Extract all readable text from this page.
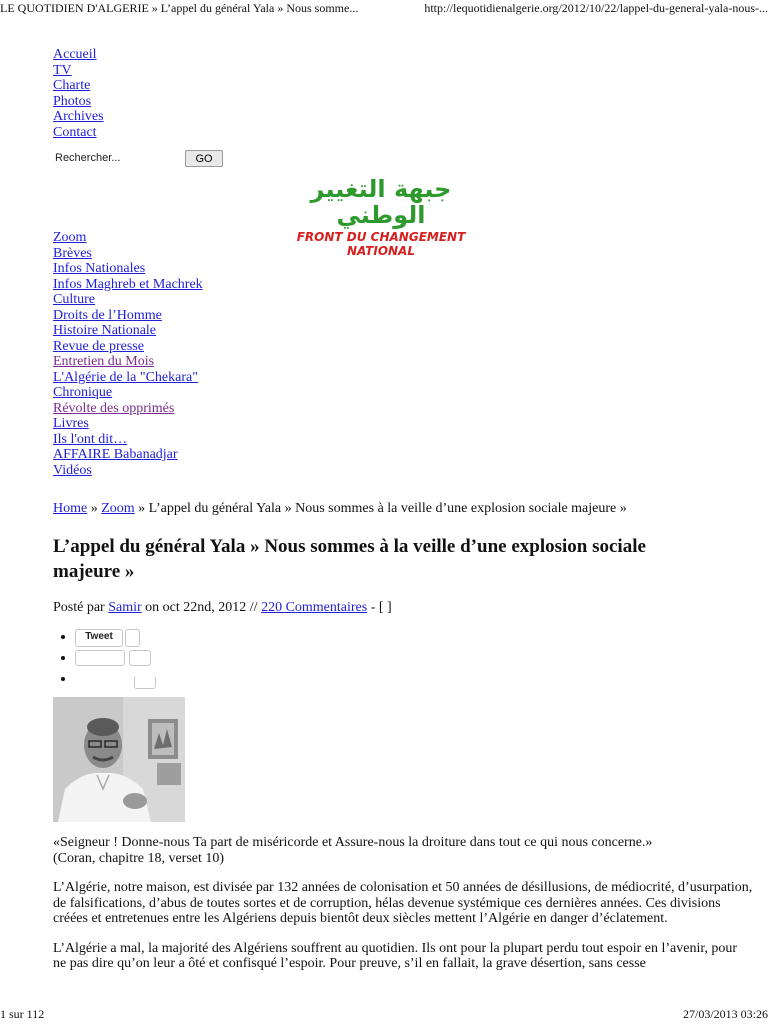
LE QUOTIDIEN D'ALGERIE » L’appel du général Yala » Nous somme...	http://lequotidienalgerie.org/2012/10/22/lappel-du-general-yala-nous-...
Accueil
TV
Charte
Photos
Archives
Contact
Rechercher...
GO
جبهة التغيير الوطني
FRONT DU CHANGEMENT NATIONAL
Zoom
Brèves
Infos Nationales
Infos Maghreb et Machrek
Culture
Droits de l’Homme
Histoire Nationale
Revue de presse
Entretien du Mois
L'Algérie de la "Chekara"
Chronique
Révolte des opprimés
Livres
Ils l'ont dit…
AFFAIRE Babanadjar
Vidéos
Home » Zoom » L’appel du général Yala » Nous sommes à la veille d’une explosion sociale majeure »
L’appel du général Yala » Nous sommes à la veille d’une explosion sociale majeure »
Posté par Samir on oct 22nd, 2012 // 220 Commentaires - [ ]
• Tweet
•
•

«Seigneur ! Donne-nous Ta part de miséricorde et Assure-nous la droiture dans tout ce qui nous concerne.»
(Coran, chapitre 18, verset 10)

L’Algérie, notre maison, est divisée par 132 années de colonisation et 50 années de désillusions, de médiocrité, d’usurpation, de falsifications, d’abus de toutes sortes et de corruption, hélas devenue systémique ces dernières années. Ces divisions créées et entretenues entre les Algériens depuis bientôt deux siècles mettent l’Algérie en danger d’éclatement.

L’Algérie a mal, la majorité des Algériens souffrent au quotidien. Ils ont pour la plupart perdu tout espoir en l’avenir, pour ne pas dire qu’on leur a ôté et confisqué l’espoir. Pour preuve, s’il en fallait, la grave désertion, sans cesse

1 sur 112	27/03/2013 03:26
